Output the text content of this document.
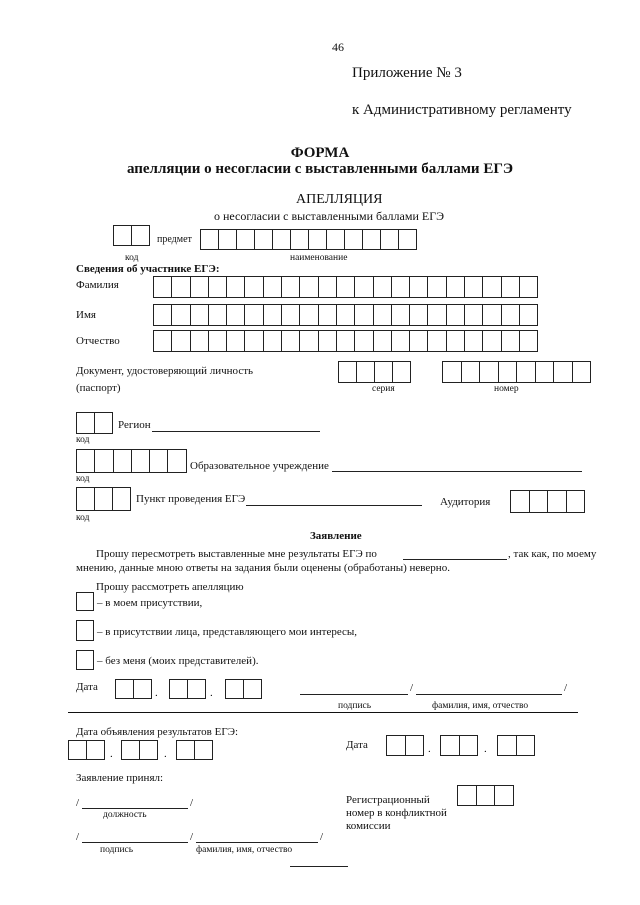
46
Приложение № 3
к Административному регламенту
ФОРМА
апелляции о несогласии с выставленными баллами ЕГЭ
АПЕЛЛЯЦИЯ
о несогласии с выставленными баллами ЕГЭ
предмет
код	наименование
Сведения об участнике ЕГЭ:
Фамилия
Имя
Отчество
Документ, удостоверяющий личность
(паспорт)	серия	номер
Регион
код
Образовательное учреждение
код
Пункт проведения ЕГЭ	Аудитория
код
Заявление
Прошу пересмотреть выставленные мне результаты ЕГЭ по	, так как, по моему
мнению, данные мною ответы на задания были оценены (обработаны) неверно.
Прошу рассмотреть апелляцию
– в моем присутствии,
– в присутствии лица, представляющего мои интересы,
– без меня (моих представителей).
Дата	.	.	/	/
подпись	фамилия, имя, отчество
Дата объявления результатов ЕГЭ:
.	.
Дата	.	.
Заявление принял:
/	/
должность
Регистрационный
номер в конфликтной
комиссии
/	/	/
подпись	фамилия, имя, отчество
